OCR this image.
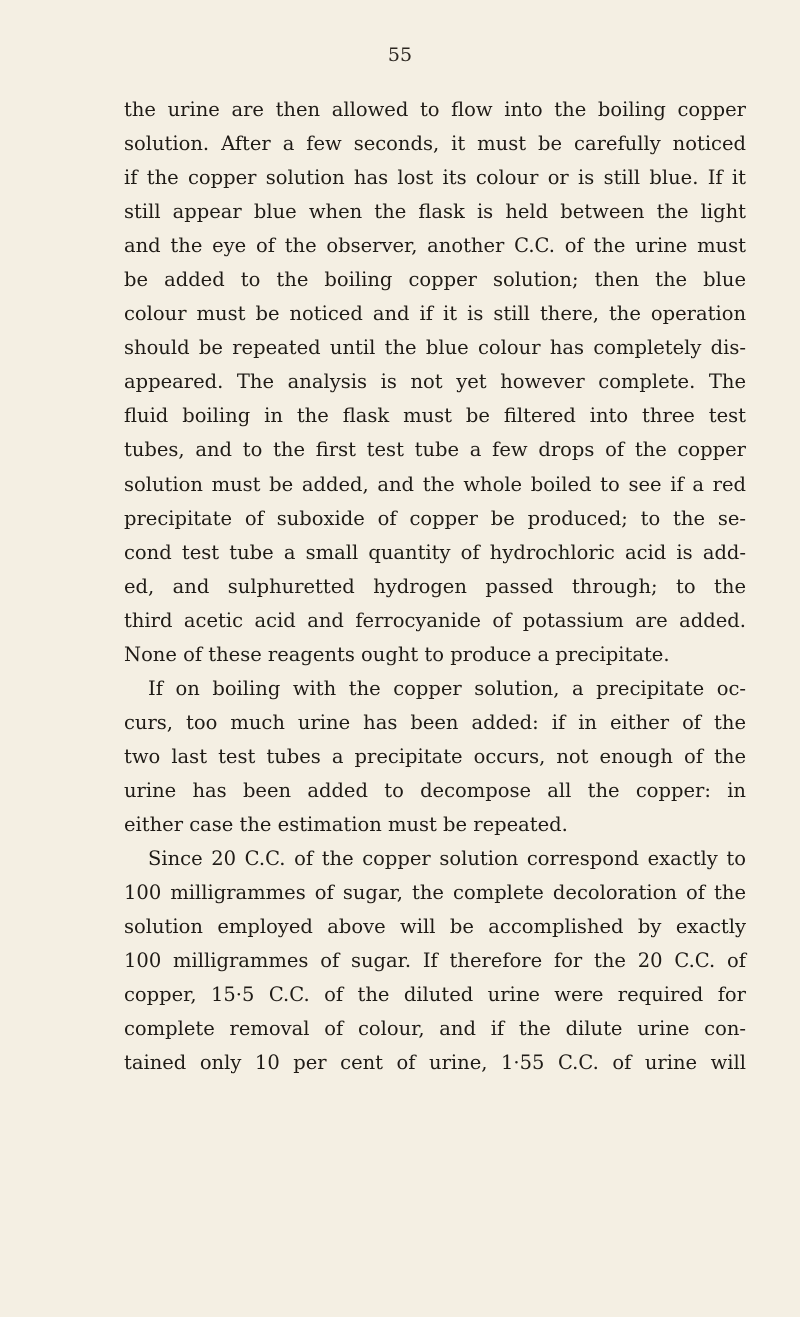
55
the urine are then allowed to flow into the boiling copper
solution. After a few seconds, it must be carefully noticed
if the copper solution has lost its colour or is still blue. If it
still appear blue when the flask is held between the light
and the eye of the observer, another C.C. of the urine must
be added to the boiling copper solution; then the blue
colour must be noticed and if it is still there, the operation
should be repeated until the blue colour has completely dis-
appeared. The analysis is not yet however complete. The
fluid boiling in the flask must be filtered into three test
tubes, and to the first test tube a few drops of the copper
solution must be added, and the whole boiled to see if a red
precipitate of suboxide of copper be produced; to the se-
cond test tube a small quantity of hydrochloric acid is add-
ed, and sulphuretted hydrogen passed through; to the
third acetic acid and ferrocyanide of potassium are added.
None of these reagents ought to produce a precipitate.
If on boiling with the copper solution, a precipitate oc-
curs, too much urine has been added: if in either of the
two last test tubes a precipitate occurs, not enough of the
urine has been added to decompose all the copper: in
either case the estimation must be repeated.
Since 20 C.C. of the copper solution correspond exactly to
100 milligrammes of sugar, the complete decoloration of the
solution employed above will be accomplished by exactly
100 milligrammes of sugar. If therefore for the 20 C.C. of
copper, 15·5 C.C. of the diluted urine were required for
complete removal of colour, and if the dilute urine con-
tained only 10 per cent of urine, 1·55 C.C. of urine will
